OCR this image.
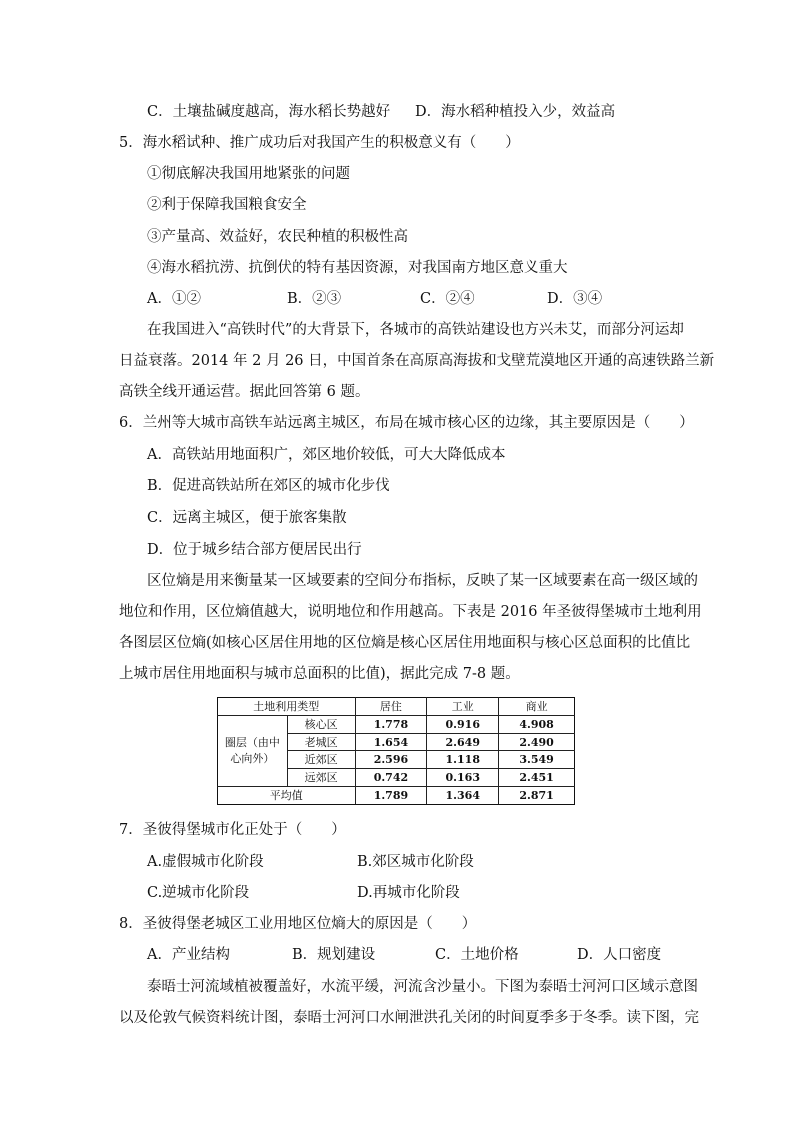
C．土壤盐碱度越高，海水稻长势越好 D．海水稻种植投入少，效益高
5．海水稻试种、推广成功后对我国产生的积极意义有（　　）
①彻底解决我国用地紧张的问题
②利于保障我国粮食安全
③产量高、效益好，农民种植的积极性高
④海水稻抗涝、抗倒伏的特有基因资源，对我国南方地区意义重大
A．①②	B．②③	C．②④	D．③④
在我国进入“高铁时代”的大背景下，各城市的高铁站建设也方兴未艾，而部分河运却
日益衰落。2014 年 2 月 26 日，中国首条在高原高海拔和戈壁荒漠地区开通的高速铁路兰新
高铁全线开通运营。据此回答第 6 题。
6．兰州等大城市高铁车站远离主城区，布局在城市核心区的边缘，其主要原因是（　　）
A．高铁站用地面积广，郊区地价较低，可大大降低成本
B．促进高铁站所在郊区的城市化步伐
C．远离主城区，便于旅客集散
D．位于城乡结合部方便居民出行
区位熵是用来衡量某一区域要素的空间分布指标，反映了某一区域要素在高一级区域的
地位和作用，区位熵值越大，说明地位和作用越高。下表是 2016 年圣彼得堡城市土地利用
各图层区位熵(如核心区居住用地的区位熵是核心区居住用地面积与核心区总面积的比值比
上城市居住用地面积与城市总面积的比值)，据此完成 7-8 题。
土地利用类型		居住	工业	商业
圈层（由中
心向外）	核心区	1.778	0.916	4.908
	老城区	1.654	2.649	2.490
	近郊区	2.596	1.118	3.549
	远郊区	0.742	0.163	2.451
平均值		1.789	1.364	2.871
7．圣彼得堡城市化正处于（　　）
A.虚假城市化阶段	B.郊区城市化阶段
C.逆城市化阶段	D.再城市化阶段
8．圣彼得堡老城区工业用地区位熵大的原因是（　　）
A．产业结构	B．规划建设	C．土地价格	D．人口密度
泰晤士河流域植被覆盖好，水流平缓，河流含沙量小。下图为泰晤士河河口区域示意图
以及伦敦气候资料统计图，泰晤士河河口水闸泄洪孔关闭的时间夏季多于冬季。读下图，完
